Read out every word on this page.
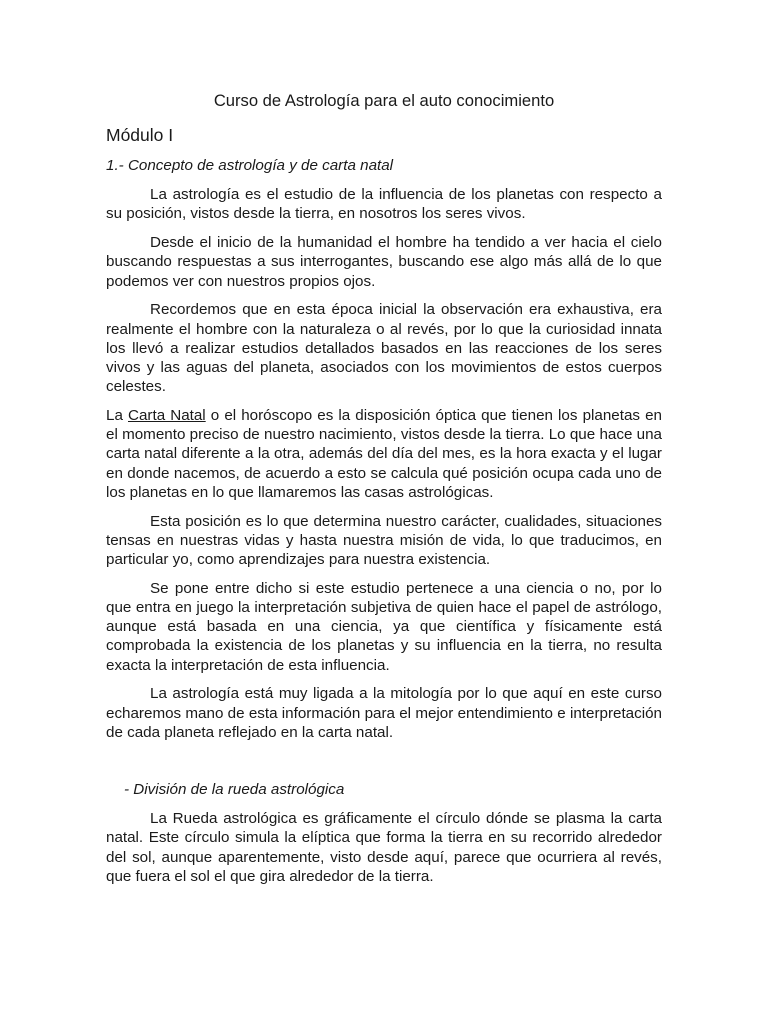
Curso de Astrología para el auto conocimiento
Módulo I
1.- Concepto de astrología y de carta natal

La astrología es el estudio de la influencia de los planetas con respecto a su posición, vistos desde la tierra, en nosotros los seres vivos.

Desde el inicio de la humanidad el hombre ha tendido a ver hacia el cielo buscando respuestas a sus interrogantes, buscando ese algo más allá de lo que podemos ver con nuestros propios ojos.

Recordemos que en esta época inicial la observación era exhaustiva, era realmente el hombre con la naturaleza o al revés, por lo que la curiosidad innata los llevó a realizar estudios detallados basados en las reacciones de los seres vivos y las aguas del planeta, asociados con los movimientos de estos cuerpos celestes.

La Carta Natal o el horóscopo es la disposición óptica que tienen los planetas en el momento preciso de nuestro nacimiento, vistos desde la tierra. Lo que hace una carta natal diferente a la otra, además del día del mes, es la hora exacta y el lugar en donde nacemos, de acuerdo a esto se calcula qué posición ocupa cada uno de los planetas en lo que llamaremos las casas astrológicas.

Esta posición es lo que determina nuestro carácter, cualidades, situaciones tensas en nuestras vidas y hasta nuestra misión de vida, lo que traducimos, en particular yo, como aprendizajes para nuestra existencia.

Se pone entre dicho si este estudio pertenece a una ciencia o no, por lo que entra en juego la interpretación subjetiva de quien hace el papel de astrólogo, aunque está basada en una ciencia, ya que científica y físicamente está comprobada la existencia de los planetas y su influencia en la tierra, no resulta exacta la interpretación de esta influencia.

La astrología está muy ligada a la mitología por lo que aquí en este curso echaremos mano de esta información para el mejor entendimiento e interpretación de cada planeta reflejado en la carta natal.

- División de la rueda astrológica

La Rueda astrológica es gráficamente el círculo dónde se plasma la carta natal. Este círculo simula la elíptica que forma la tierra en su recorrido alrededor del sol, aunque aparentemente, visto desde aquí, parece que ocurriera al revés, que fuera el sol el que gira alrededor de la tierra.
